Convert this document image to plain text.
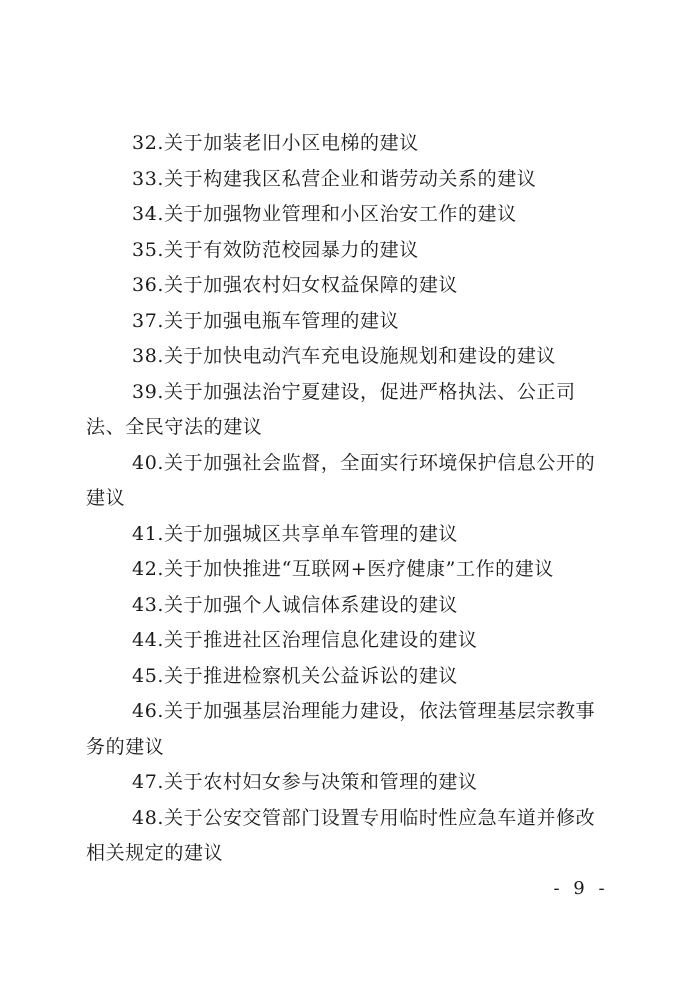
32.关于加装老旧小区电梯的建议
33.关于构建我区私营企业和谐劳动关系的建议
34.关于加强物业管理和小区治安工作的建议
35.关于有效防范校园暴力的建议
36.关于加强农村妇女权益保障的建议
37.关于加强电瓶车管理的建议
38.关于加快电动汽车充电设施规划和建设的建议
39.关于加强法治宁夏建设，促进严格执法、公正司法、全民守法的建议
40.关于加强社会监督，全面实行环境保护信息公开的建议
41.关于加强城区共享单车管理的建议
42.关于加快推进“互联网+医疗健康”工作的建议
43.关于加强个人诚信体系建设的建议
44.关于推进社区治理信息化建设的建议
45.关于推进检察机关公益诉讼的建议
46.关于加强基层治理能力建设，依法管理基层宗教事务的建议
47.关于农村妇女参与决策和管理的建议
48.关于公安交管部门设置专用临时性应急车道并修改相关规定的建议
- 9 -
